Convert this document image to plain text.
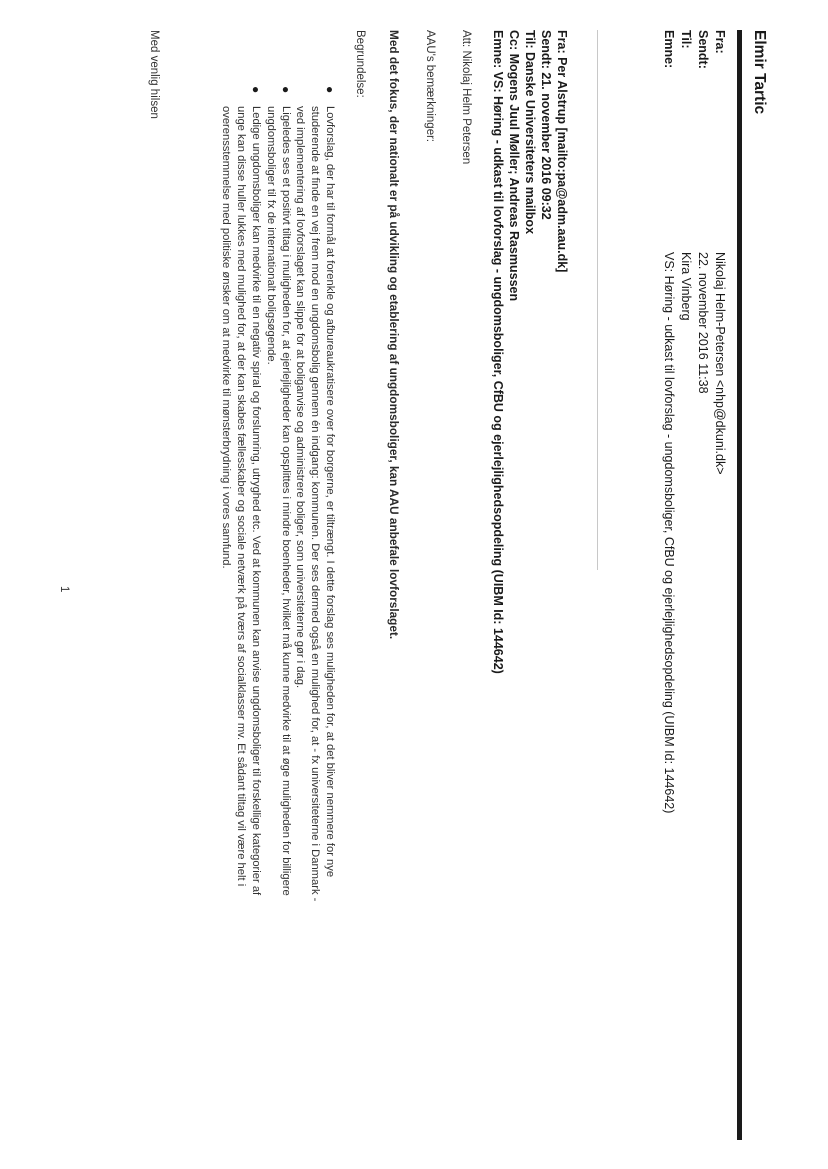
Elmir Tartic
Fra:
Nikolaj Helm-Petersen <nhp@dkuni.dk>
Sendt:
22. november 2016 11:38
Til:
Kira Vinberg
Emne:
VS: Høring - udkast til lovforslag - ungdomsboliger, CfBU og ejerlejlighedsopdeling (UIBM Id: 144642)
Fra: Per Alstrup [mailto:pa@adm.aau.dk]
Sendt: 21. november 2016 09:32
Til: Danske Universiteters mailbox
Cc: Mogens Juul Møller; Andreas Rasmussen
Emne: VS: Høring - udkast til lovforslag - ungdomsboliger, CfBU og ejerlejlighedsopdeling (UIBM Id: 144642)
Att: Nikolaj Helm Petersen
AAU's bemærkninger:
Med det fokus, der nationalt er på udvikling og etablering af ungdomsboliger, kan AAU anbefale lovforslaget.
Begrundelse:
●
Lovforslag, der har til formål at forenkle og afbureaukratisere over for borgerne, er tiltrængt. I dette forslag ses muligheden for, at det bliver nemmere for nye
studerende at finde en vej frem mod en ungdomsbolig gennem én indgang: kommunen. Der ses dermed også en mulighed for, at - fx universiteterne i Danmark -
ved implementering af lovforslaget kan slippe for at boliganvise og administrere boliger, som universiteterne gør i dag.
●
Ligeledes ses et positivt tiltag i muligheden for, at ejerlejligheder kan opsplittes i mindre boenheder, hvilket må kunne medvirke til at øge muligheden for billigere
ungdomsboliger til fx de internationalt boligsøgende.
●
Ledige ungdomsboliger kan medvirke til en negativ spiral og forslumring, utryghed etc. Ved at kommunen kan anvise ungdomsboliger til forskellige kategorier af
unge kan disse huller lukkes med mulighed for, at der kan skabes fællesskaber og sociale netværk på tværs af socialklasser mv. Et sådant tiltag vil være helt i
overensstemmelse med politiske ønsker om at medvirke til mønsterbrydning i vores samfund.
Med venlig hilsen
1
